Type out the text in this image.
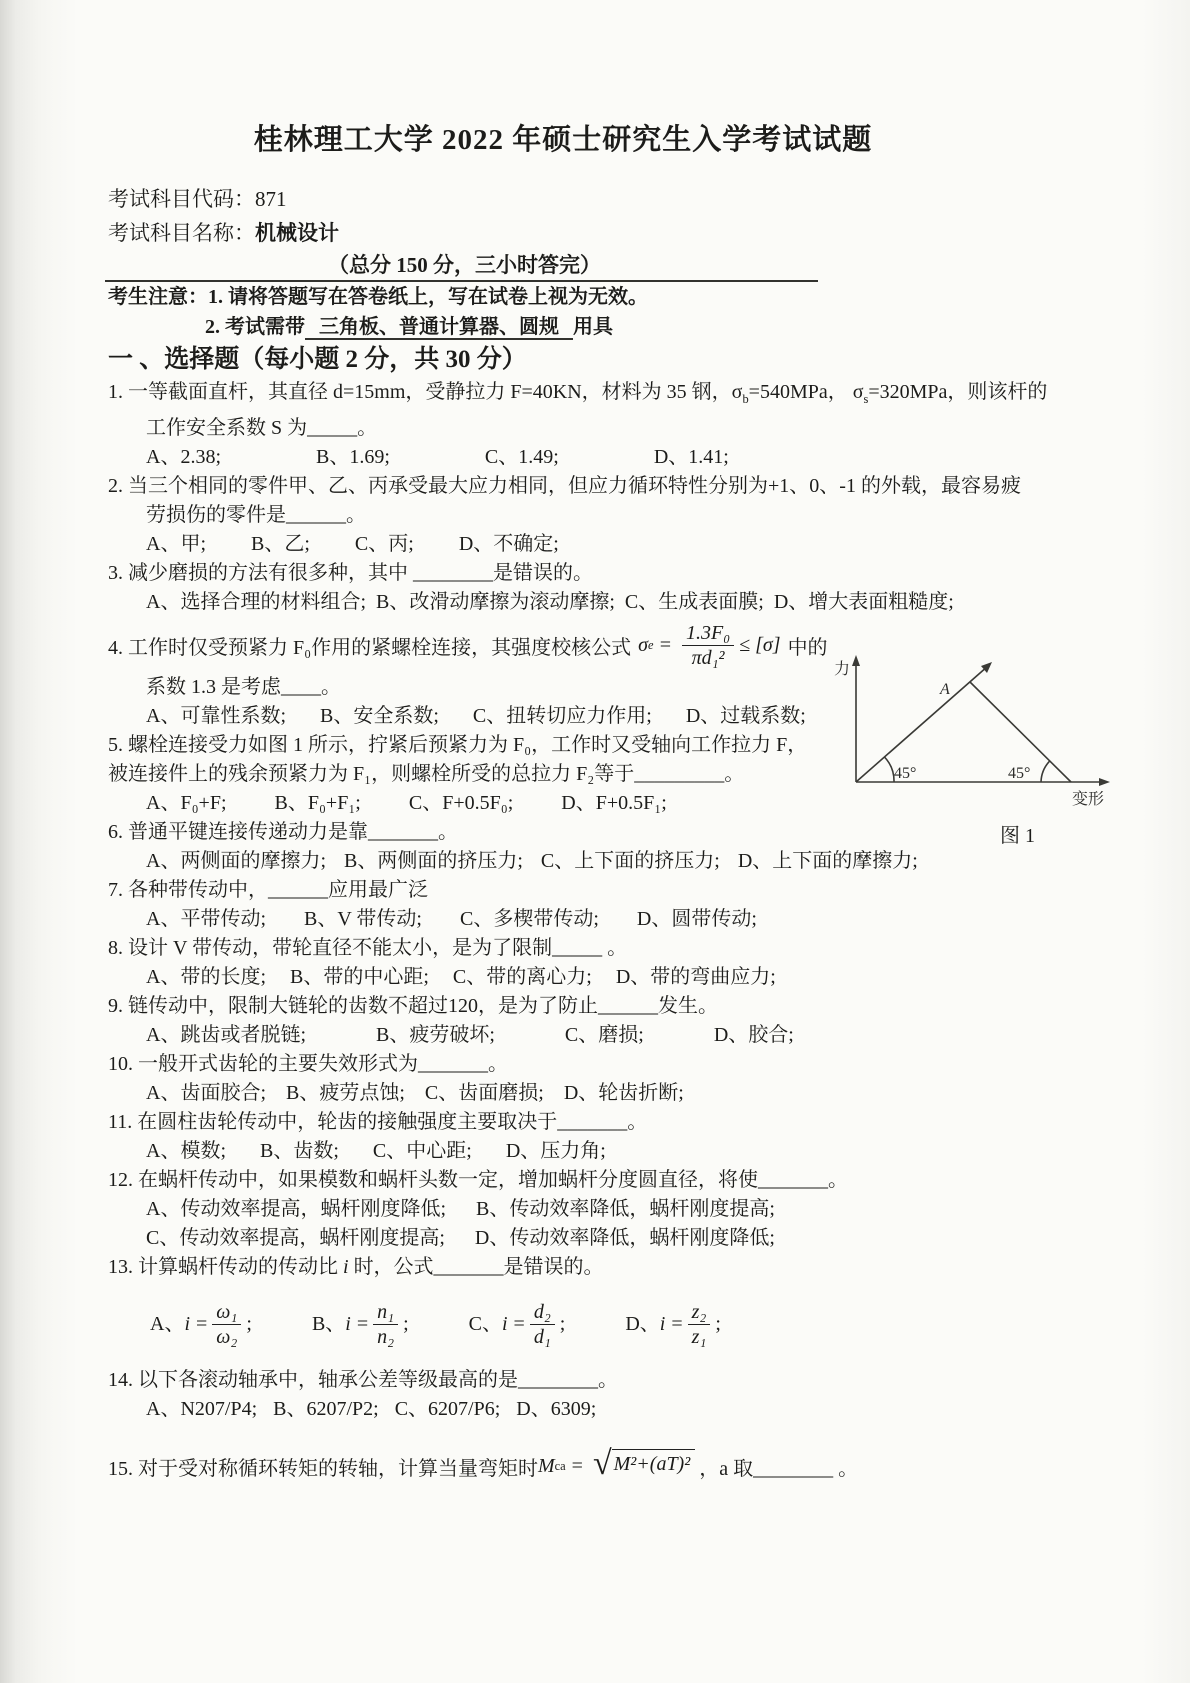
桂林理工大学 2022 年硕士研究生入学考试试题
考试科目代码：871
考试科目名称：机械设计
（总分 150 分，三小时答完）
考生注意：1. 请将答题写在答卷纸上，写在试卷上视为无效。
2. 考试需带 三角板、普通计算器、圆规 用具
一 、选择题（每小题 2 分，共 30 分）
1. 一等截面直杆，其直径 d=15mm，受静拉力 F=40KN，材料为 35 钢，$\sigma_b=540MPa$， $\sigma_s=320MPa$，则该杆的
工作安全系数 S 为_____。
A、2.38;	B、1.69;	C、1.49;	D、1.41;
2. 当三个相同的零件甲、乙、丙承受最大应力相同，但应力循环特性分别为+1、0、-1 的外载，最容易疲
劳损伤的零件是______。
A、甲; B、乙; C、丙; D、不确定;
3. 减少磨损的方法有很多种，其中 ________是错误的。
A、选择合理的材料组合; B、改滑动摩擦为滚动摩擦; C、生成表面膜; D、增大表面粗糙度;
4. 工作时仅受预紧力 F₀作用的紧螺栓连接，其强度校核公式 σ $e = \frac{\text{1.3F₀}}{\text{πd₁²}} \le [\sigma]$ 中的
系数 1.3 是考虑____。
A、可靠性系数; B、安全系数; C、扭转切应力作用; D、过载系数;
5. 螺栓连接受力如图 1 所示，拧紧后预紧力为 F₀，工作时又受轴向工作拉力 F，
被连接件上的残余预紧力为 F₁，则螺栓所受的总拉力 F₂等于_________。
A、F₀+F; B、F₀+F₁; C、F+0.5F₀; D、F+0.5F₁;
6. 普通平键连接传递动力是靠_______。
A、两侧面的摩擦力; B、两侧面的挤压力; C、上下面的挤压力; D、上下面的摩擦力;
7. 各种带传动中，______应用最广泛
A、平带传动; B、V 带传动; C、多楔带传动; D、圆带传动;
8. 设计 V 带传动，带轮直径不能太小，是为了限制_____ 。
A、带的长度; B、带的中心距; C、带的离心力; D、带的弯曲应力;
9. 链传动中，限制大链轮的齿数不超过120，是为了防止______发生。
A、跳齿或者脱链;	B、疲劳破坏;	C、磨损;	D、胶合;
10. 一般开式齿轮的主要失效形式为_______。
A、齿面胶合; B、疲劳点蚀; C、齿面磨损; D、轮齿折断;
11. 在圆柱齿轮传动中，轮齿的接触强度主要取决于_______。
A、模数; B、齿数; C、中心距; D、压力角;
12. 在蜗杆传动中，如果模数和蜗杆头数一定，增加蜗杆分度圆直径，将使_______。
A、传动效率提高，蜗杆刚度降低; B、传动效率降低，蜗杆刚度提高;
C、传动效率提高，蜗杆刚度提高; D、传动效率降低，蜗杆刚度降低;
13. 计算蜗杆传动的传动比 i 时，公式_______是错误的。
A、 $i = \frac{\text{ω₁}}{\text{ω₂}}$ ;	B、 $i = \frac{\text{n₁}}{\text{n₂}}$ ;	C、 $i = \frac{\text{d₂}}{\text{d₁}}$ ;	D、 $i = \frac{\text{z₂}}{\text{z₁}}$ ;
14. 以下各滚动轴承中，轴承公差等级最高的是________。
A、N207/P4; B、6207/P2; C、6207/P6; D、6309;
15. 对于受对称循环转矩的转轴，计算当量弯矩时 M ca = √ M²+(aT)² ，a 取________ 。
力
变形
A
45°	45°
图 1
